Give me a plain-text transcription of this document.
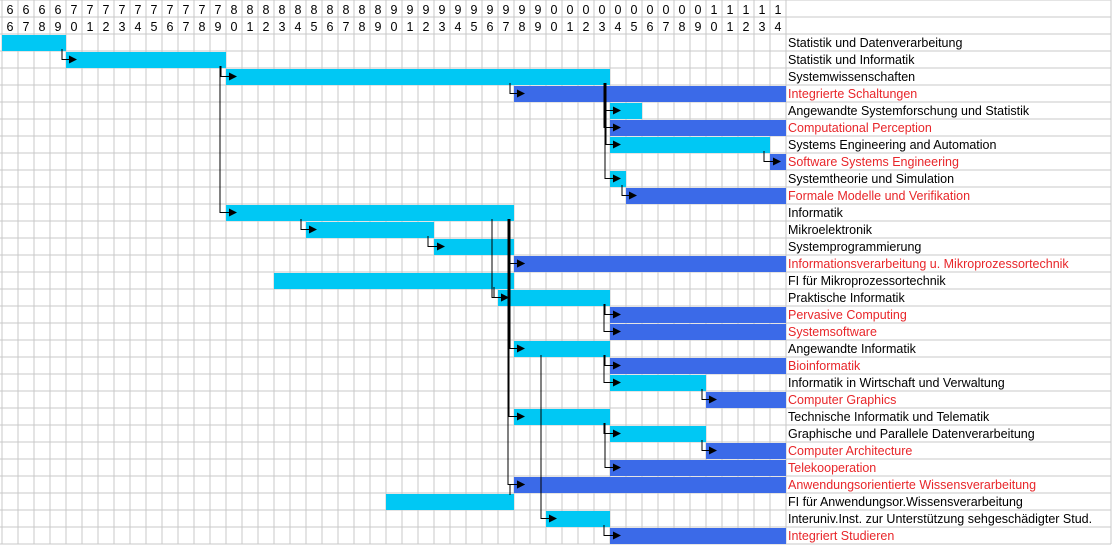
6
6
6
7
6
8
6
9
7
0
7
1
7
2
7
3
7
4
7
5
7
6
7
7
7
8
7
9
8
0
8
1
8
2
8
3
8
4
8
5
8
6
8
7
8
8
8
9
9
0
9
1
9
2
9
3
9
4
9
5
9
6
9
7
9
8
9
9
0
0
0
1
0
2
0
3
0
4
0
5
0
6
0
7
0
8
0
9
1
0
1
1
1
2
1
3
1
4
Statistik und Datenverarbeitung
Statistik und Informatik
Systemwissenschaften
Integrierte Schaltungen
Angewandte Systemforschung und Statistik
Computational Perception
Systems Engineering and Automation
Software Systems Engineering
Systemtheorie und Simulation
Formale Modelle und Verifikation
Informatik
Mikroelektronik
Systemprogrammierung
Informationsverarbeitung u. Mikroprozessortechnik
FI für Mikroprozessortechnik
Praktische Informatik
Pervasive Computing
Systemsoftware
Angewandte Informatik
Bioinformatik
Informatik in Wirtschaft und Verwaltung
Computer Graphics
Technische Informatik und Telematik
Graphische und Parallele Datenverarbeitung
Computer Architecture
Telekooperation
Anwendungsorientierte Wissensverarbeitung
FI für Anwendungsor.Wissensverarbeitung
Interuniv.Inst. zur Unterstützung sehgeschädigter Stud.
Integriert Studieren
